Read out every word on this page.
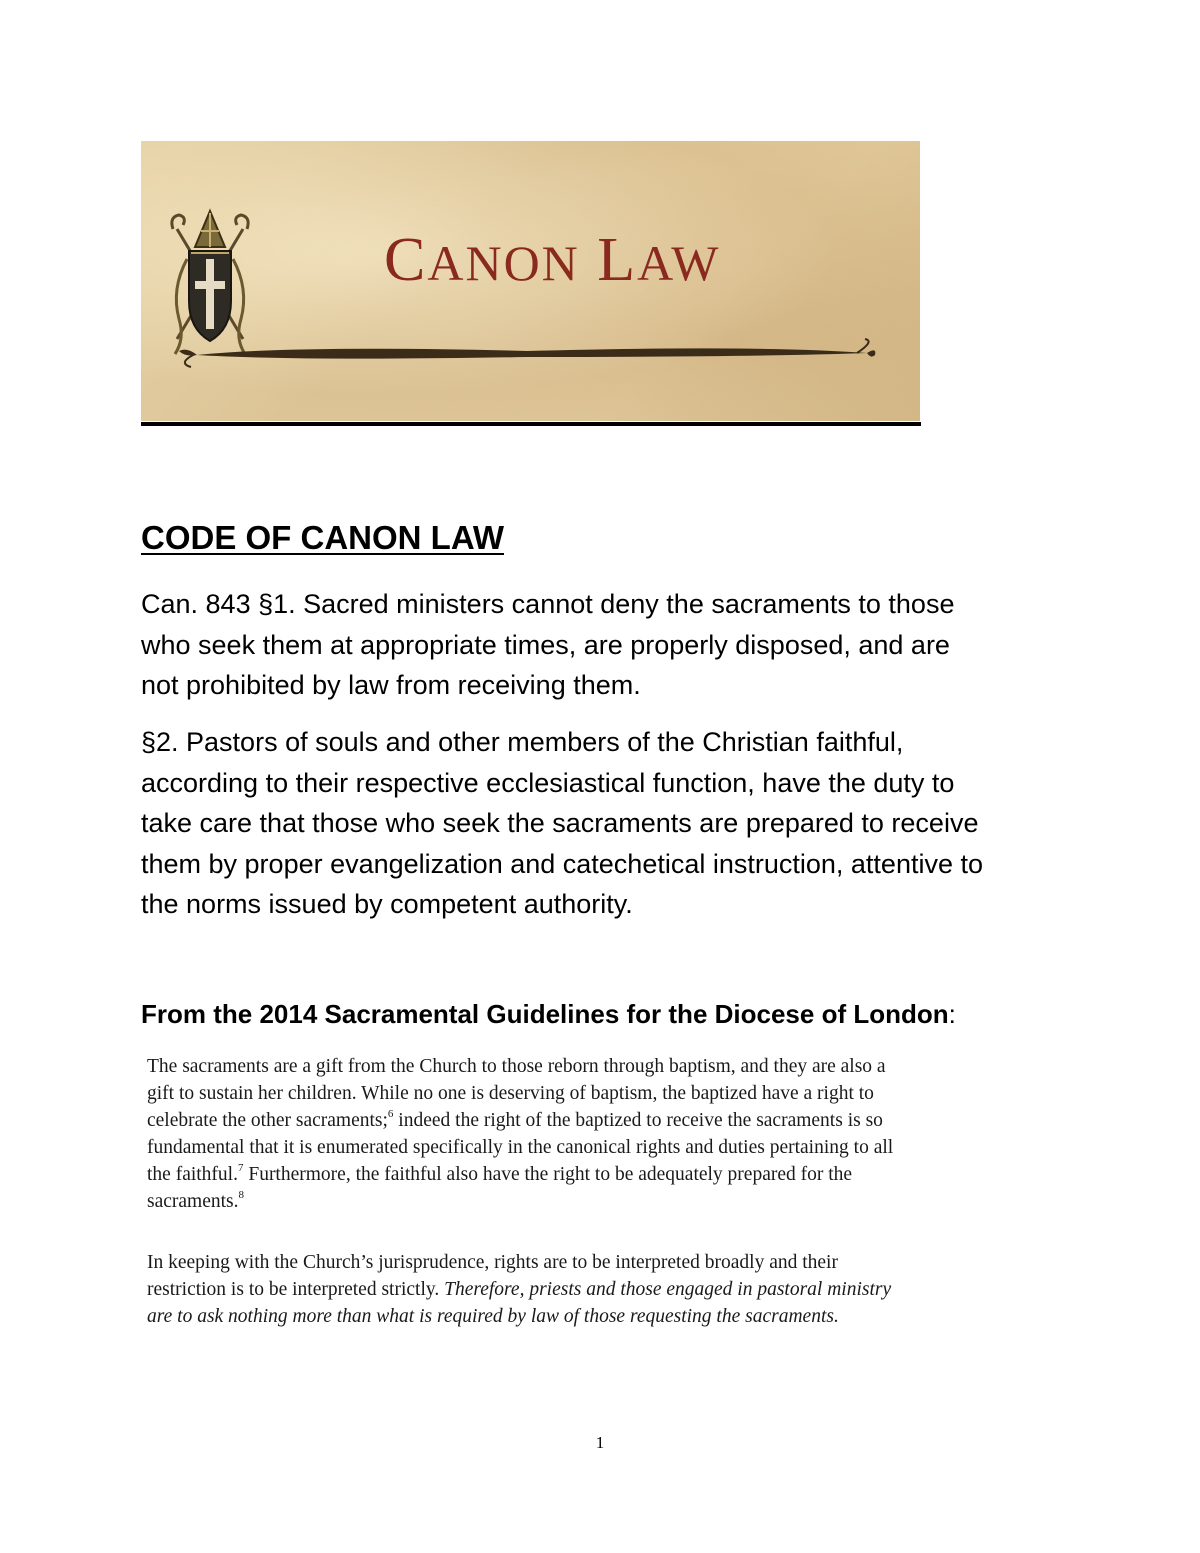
CANON LAW
CODE OF CANON LAW

Can. 843 §1. Sacred ministers cannot deny the sacraments to those
who seek them at appropriate times, are properly disposed, and are
not prohibited by law from receiving them.

§2. Pastors of souls and other members of the Christian faithful,
according to their respective ecclesiastical function, have the duty to
take care that those who seek the sacraments are prepared to receive
them by proper evangelization and catechetical instruction, attentive to
the norms issued by competent authority.

From the 2014 Sacramental Guidelines for the Diocese of London:
The sacraments are a gift from the Church to those reborn through baptism, and they are also a
gift to sustain her children. While no one is deserving of baptism, the baptized have a right to
celebrate the other sacraments;$^6$ indeed the right of the baptized to receive the sacraments is so
fundamental that it is enumerated specifically in the canonical rights and duties pertaining to all
the faithful.$^7$ Furthermore, the faithful also have the right to be adequately prepared for the
sacraments.$^8$
In keeping with the Church’s jurisprudence, rights are to be interpreted broadly and their
restriction is to be interpreted strictly. Therefore, priests and those engaged in pastoral ministry
are to ask nothing more than what is required by law of those requesting the sacraments.
1
